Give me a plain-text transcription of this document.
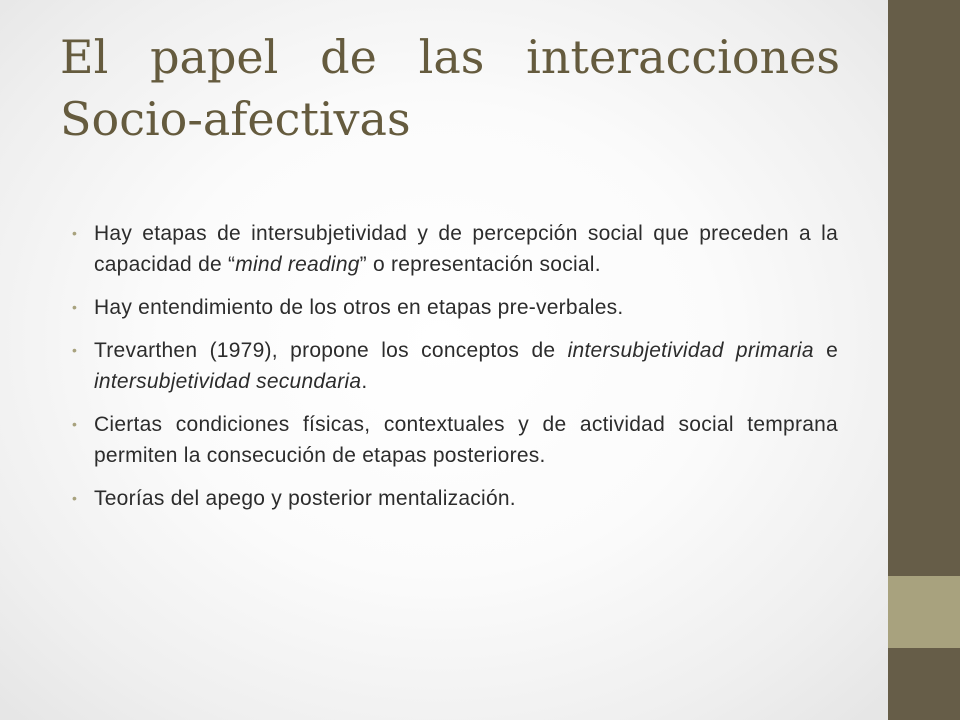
El papel de las interacciones Socio-afectivas
• Hay etapas de intersubjetividad y de percepción social que preceden a la capacidad de “mind reading” o representación social.
• Hay entendimiento de los otros en etapas pre-verbales.
• Trevarthen (1979), propone los conceptos de intersubjetividad primaria e intersubjetividad secundaria.
• Ciertas condiciones físicas, contextuales y de actividad social temprana permiten la consecución de etapas posteriores.
• Teorías del apego y posterior mentalización.
